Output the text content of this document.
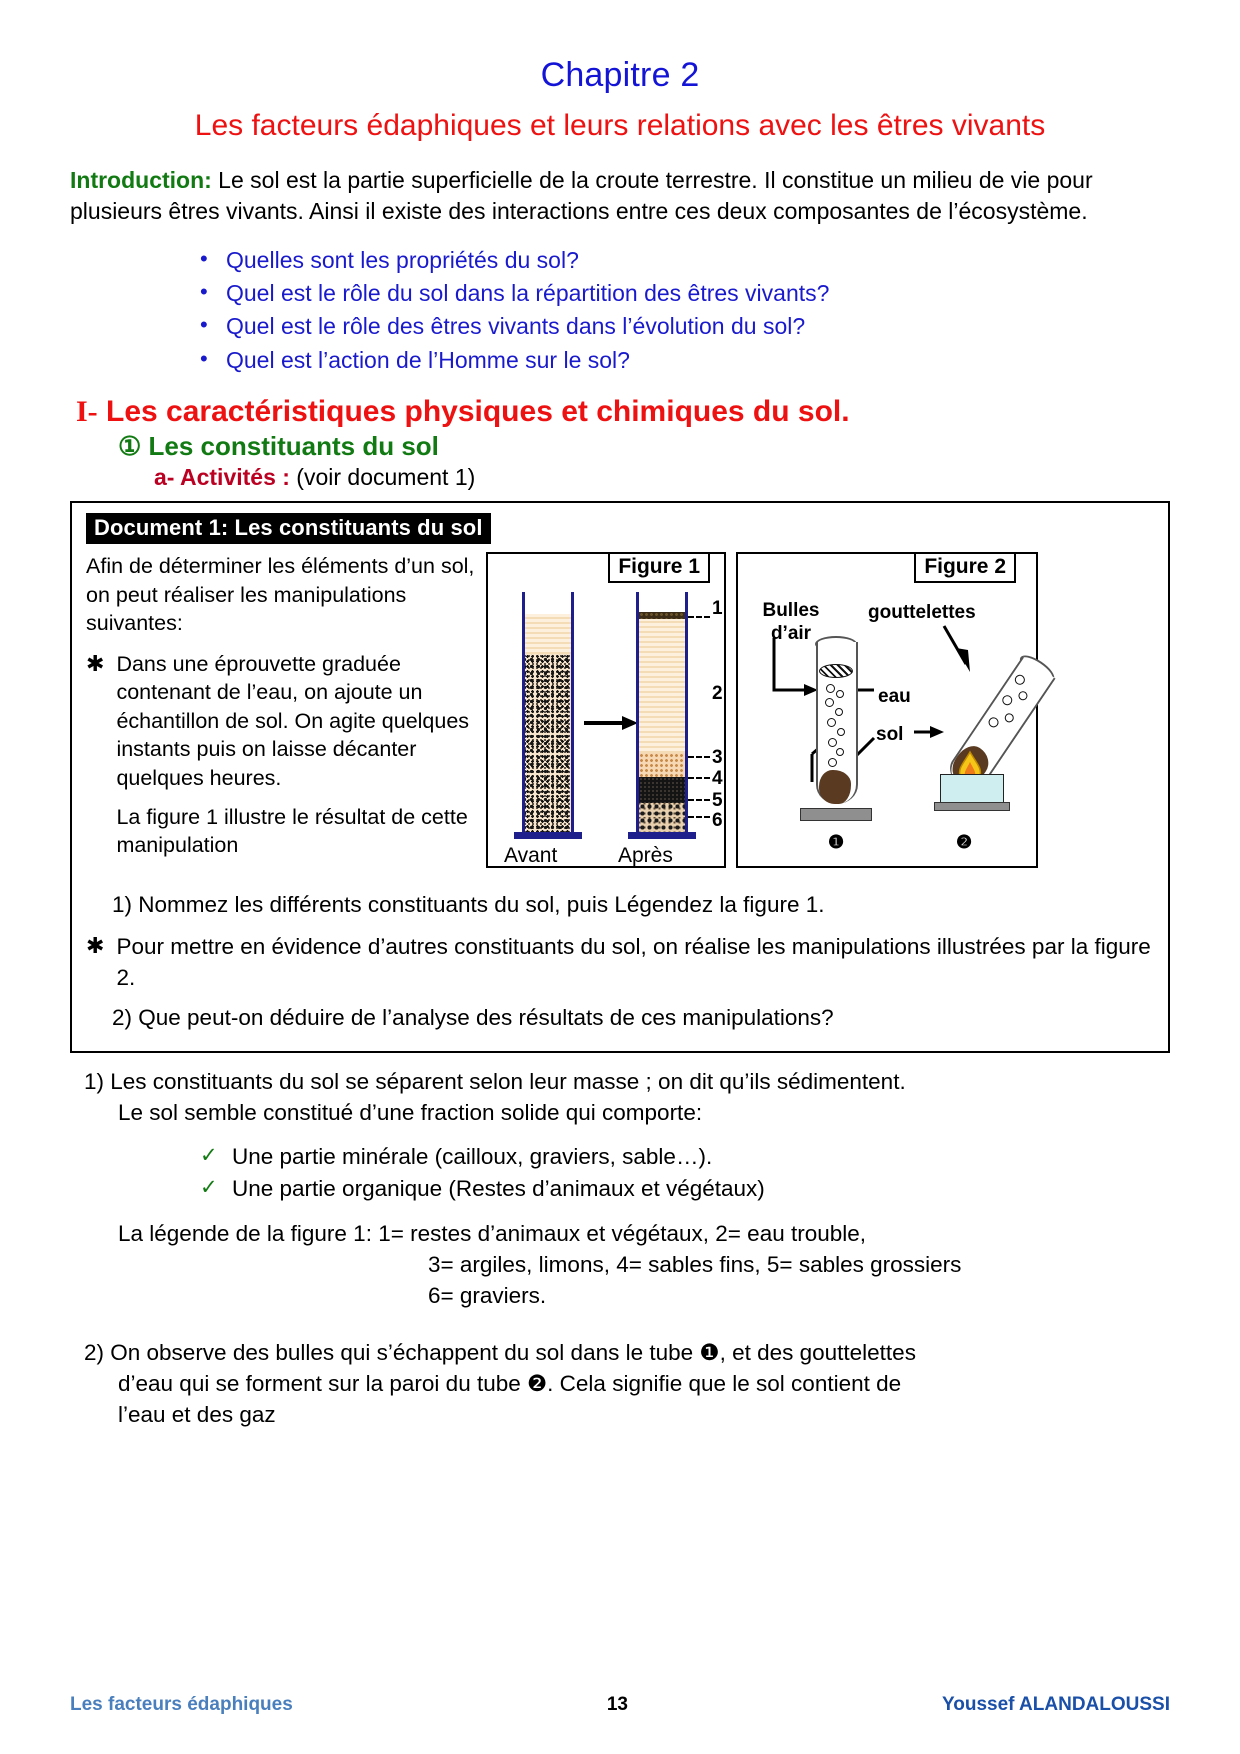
Chapitre 2
Les facteurs édaphiques et leurs relations avec les êtres vivants

Introduction: Le sol est la partie superficielle de la croute terrestre. Il constitue un milieu de vie pour plusieurs êtres vivants. Ainsi il existe des interactions entre ces deux composantes de l’écosystème.

• Quelles sont les propriétés du sol?
• Quel est le rôle du sol dans la répartition des êtres vivants?
• Quel est le rôle des êtres vivants dans l’évolution du sol?
• Quel est l’action de l’Homme sur le sol?
I- Les caractéristiques physiques et chimiques du sol.
① Les constituants du sol
a- Activités : (voir document 1)
Document 1: Les constituants du sol

Afin de déterminer les éléments d’un sol, on peut réaliser les manipulations suivantes:

✱ Dans une éprouvette graduée contenant de l’eau, on ajoute un échantillon de sol. On agite quelques instants puis on laisse décanter quelques heures.

La figure 1 illustre le résultat de cette manipulation

Figure 1
1
2
3
4
5
6
Avant	Après
Figure 2
Bulles
d’air
gouttelettes
eau
sol
❶	❷
1) Nommez les différents constituants du sol, puis Légendez la figure 1.
✱ Pour mettre en évidence d’autres constituants du sol, on réalise les manipulations illustrées par la figure 2.
2) Que peut-on déduire de l’analyse des résultats de ces manipulations?
1) Les constituants du sol se séparent selon leur masse ; on dit qu’ils sédimentent.
Le sol semble constitué d’une fraction solide qui comporte:
✓ Une partie minérale (cailloux, graviers, sable…).
✓ Une partie organique (Restes d’animaux et végétaux)
La légende de la figure 1: 1= restes d’animaux et végétaux, 2= eau trouble,
3= argiles, limons, 4= sables fins, 5= sables grossiers
6= graviers.
2) On observe des bulles qui s’échappent du sol dans le tube ❶, et des gouttelettes
d’eau qui se forment sur la paroi du tube ❷. Cela signifie que le sol contient de
l’eau et des gaz
Les facteurs édaphiques	13	Youssef ALANDALOUSSI
